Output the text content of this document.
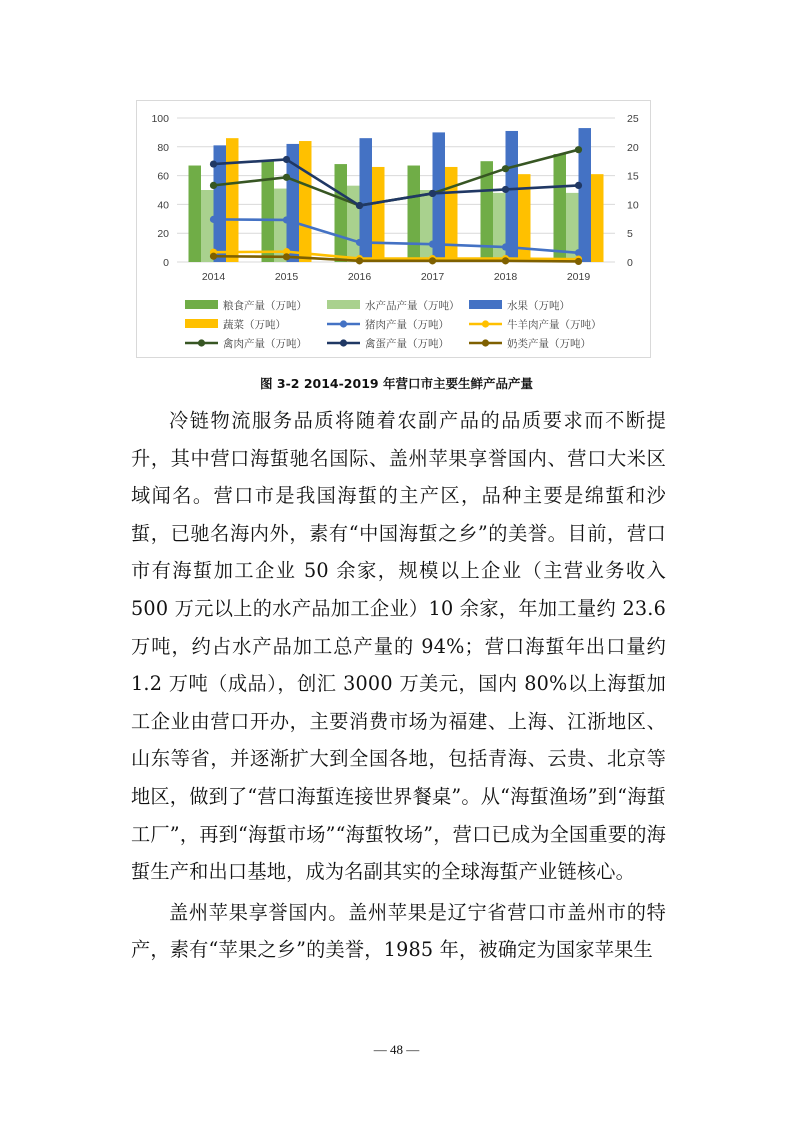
0
20
40
60
80
100
0
5
10
15
20
25
2014	2015	2016	2017	2018	2019
粮食产量（万吨）	水产品产量（万吨）	水果（万吨）
蔬菜（万吨）	猪肉产量（万吨）	牛羊肉产量（万吨）
禽肉产量（万吨）	禽蛋产量（万吨）	奶类产量（万吨）
图 3-2 2014-2019 年营口市主要生鲜产品产量

冷链物流服务品质将随着农副产品的品质要求而不断提升，其中营口海蜇驰名国际、盖州苹果享誉国内、营口大米区域闻名。营口市是我国海蜇的主产区，品种主要是绵蜇和沙蜇，已驰名海内外，素有“中国海蜇之乡”的美誉。目前，营口市有海蜇加工企业 50 余家，规模以上企业（主营业务收入 500 万元以上的水产品加工企业）10 余家，年加工量约 23.6 万吨，约占水产品加工总产量的 94%；营口海蜇年出口量约 1.2 万吨（成品），创汇 3000 万美元，国内 80%以上海蜇加工企业由营口开办，主要消费市场为福建、上海、江浙地区、山东等省，并逐渐扩大到全国各地，包括青海、云贵、北京等地区，做到了“营口海蜇连接世界餐桌”。从“海蜇渔场”到“海蜇工厂”，再到“海蜇市场”“海蜇牧场”，营口已成为全国重要的海蜇生产和出口基地，成为名副其实的全球海蜇产业链核心。

盖州苹果享誉国内。盖州苹果是辽宁省营口市盖州市的特产，素有“苹果之乡”的美誉，1985 年，被确定为国家苹果生

— 48 —
